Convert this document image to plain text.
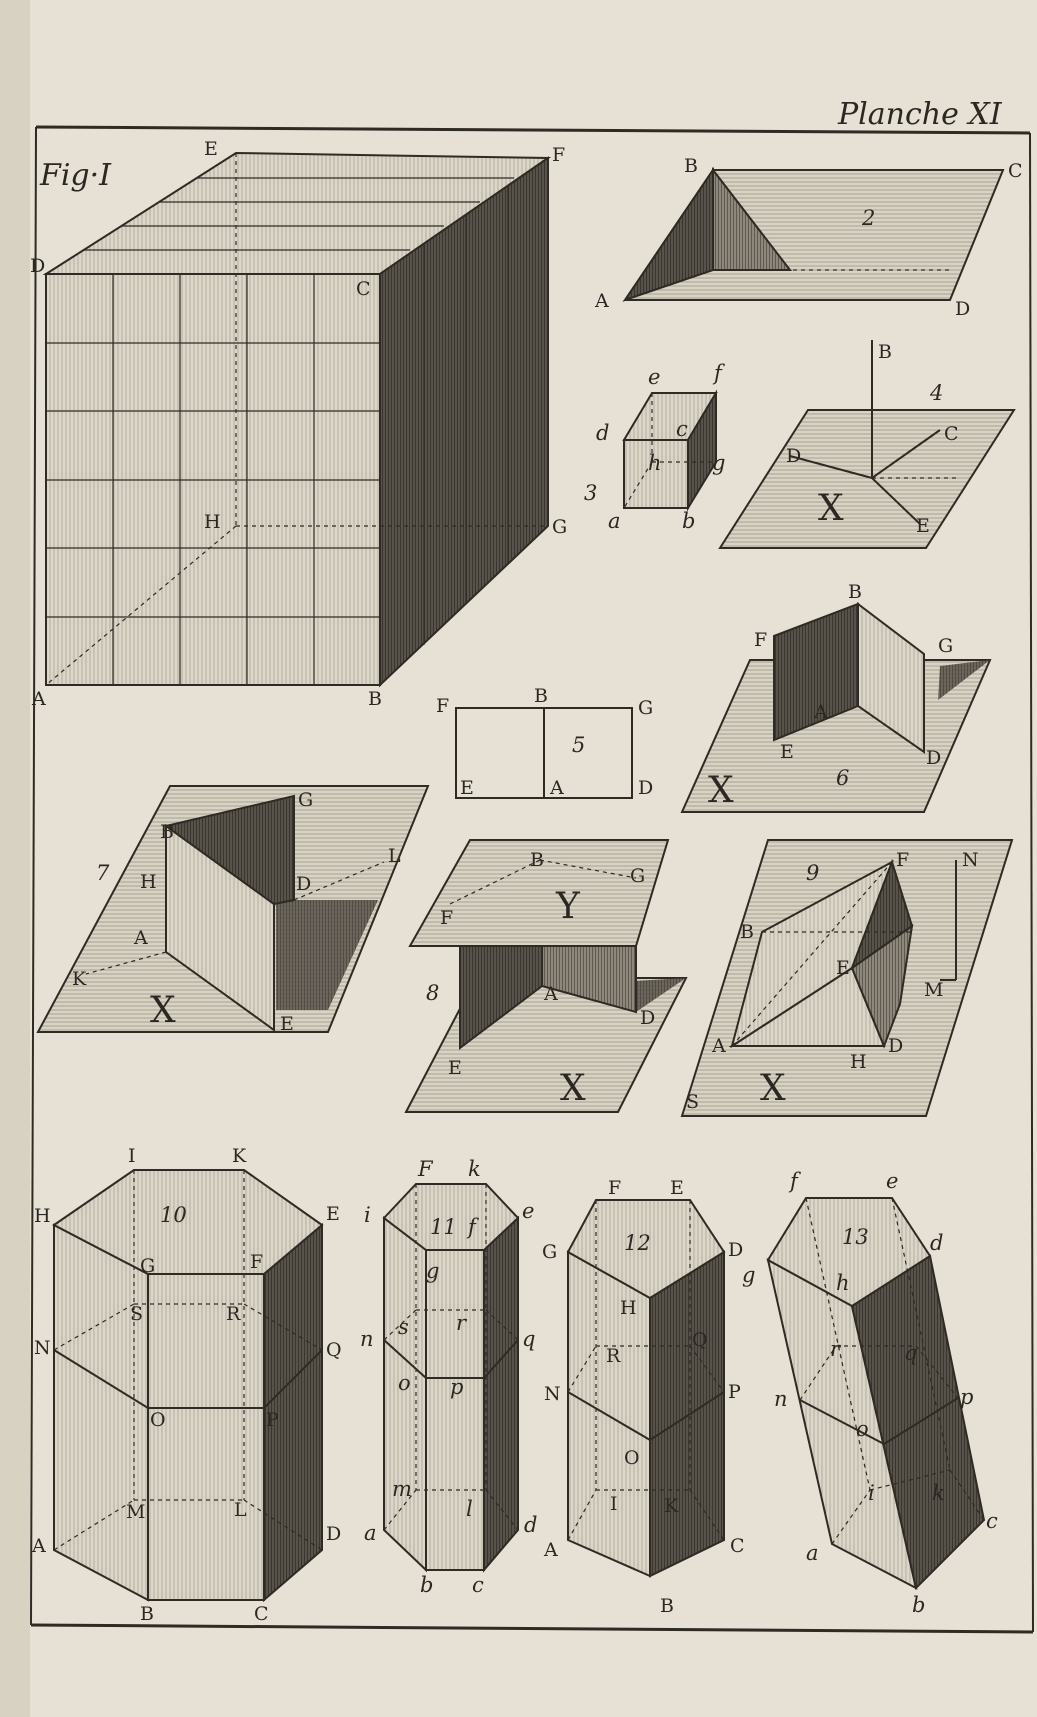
Planche XI
Fig·I
E	F
D
C
H	G
A	B
2
B	C
A	D
3
e	f
d	c
h g
a	b
4
B
C
D
X	E
5
F	B
G
E	A	D	6
B
F	G
A
E	D
X
7
G
B
L
H	D
A
K
X	E
8
B
G
F	Y
A
D
E	X
9
F	N
B
E
M
A
H
D
S X
10
I	K
H	E
G	F
S	R
N	Q
O	P
M	L
A
D
B	C
11
F k
i	f
e
g
s r
n	q
o p
m
l
a	d
b c
12
F	E
G	D
H
R
Q
N	P
O
I K
A	C
B
13
f	e
d
g	h
r	q
n	p
o
i	k
a
c
b
